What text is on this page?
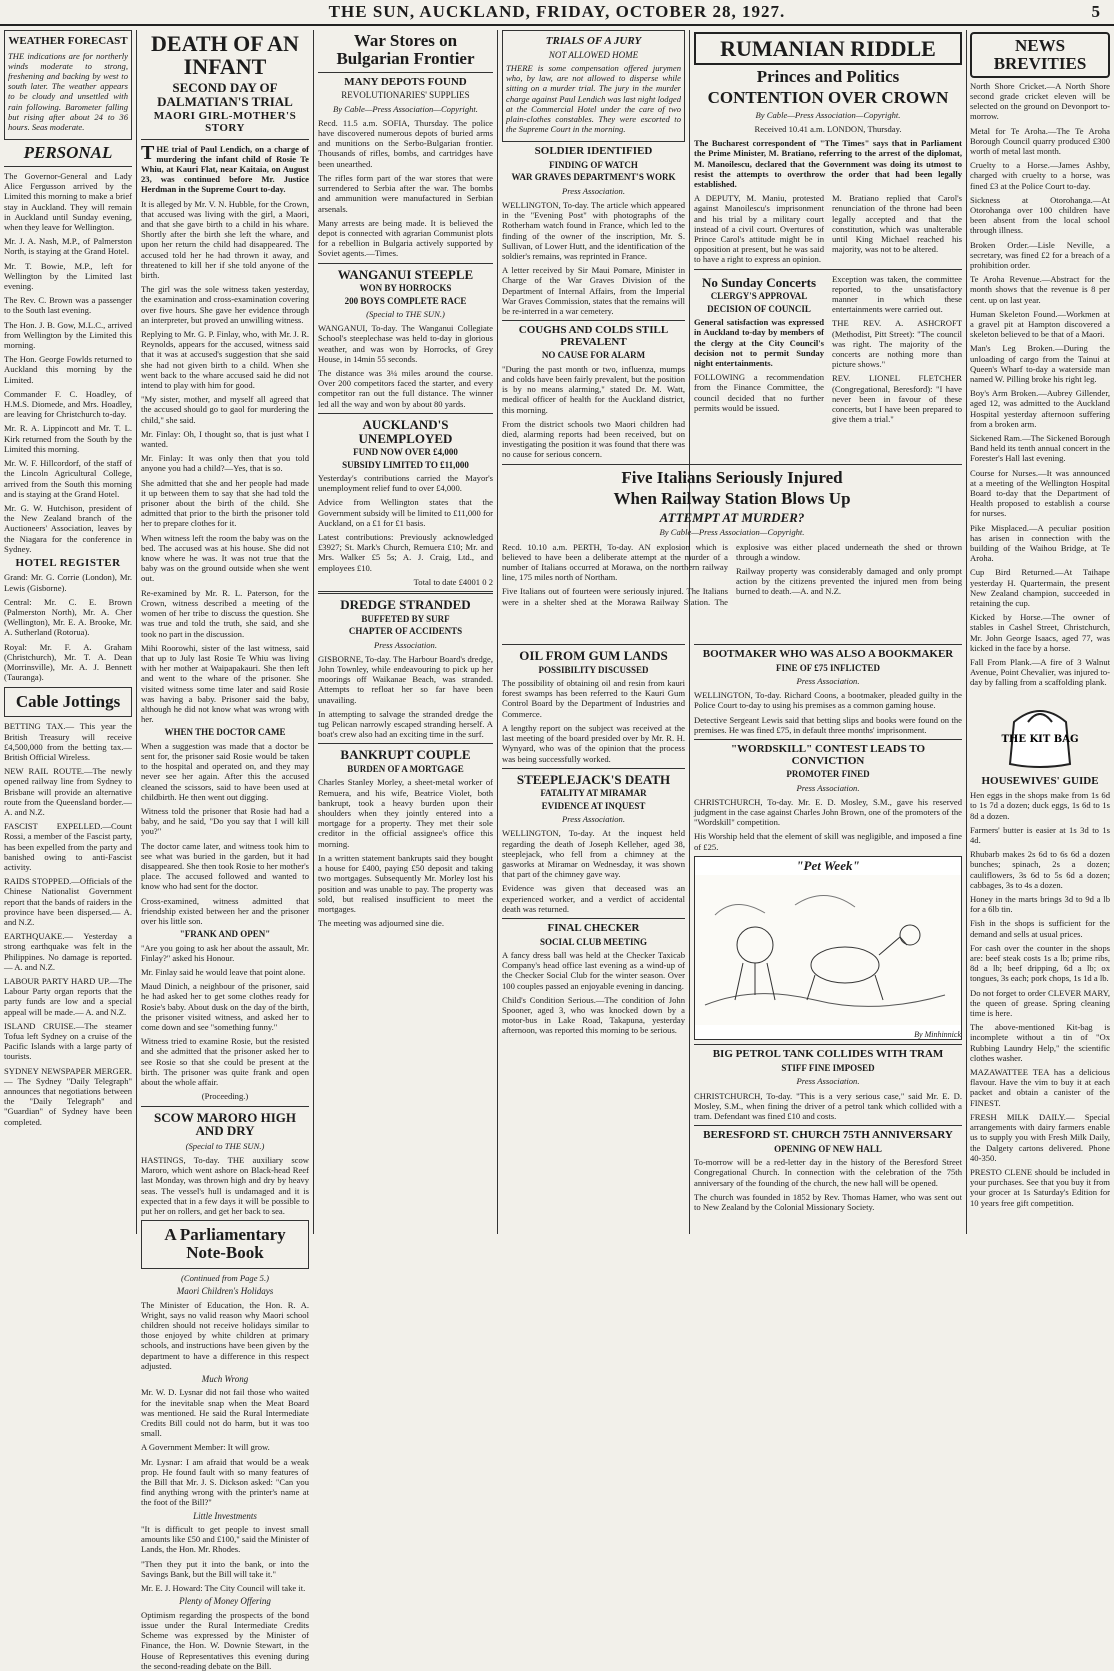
THE SUN, AUCKLAND, FRIDAY, OCTOBER 28, 1927.	5
WEATHER FORECAST

THE indications are for northerly winds moderate to strong, freshening and backing by west to south later. The weather appears to be cloudy and unsettled with rain following. Barometer falling but rising after about 24 to 36 hours. Seas moderate.

PERSONAL

The Governor-General and Lady Alice Fergusson arrived by the Limited this morning to make a brief stay in Auckland. They will remain in Auckland until Sunday evening, when they leave for Wellington.

Mr. J. A. Nash, M.P., of Palmerston North, is staying at the Grand Hotel.

Mr. T. Bowie, M.P., left for Wellington by the Limited last evening.

The Rev. C. Brown was a passenger to the South last evening.

The Hon. J. B. Gow, M.L.C., arrived from Wellington by the Limited this morning.

The Hon. George Fowlds returned to Auckland this morning by the Limited.

Commander F. C. Hoadley, of H.M.S. Diomede, and Mrs. Hoadley, are leaving for Christchurch to-day.

Mr. R. A. Lippincott and Mr. T. L. Kirk returned from the South by the Limited this morning.

Mr. W. F. Hillcordorf, of the staff of the Lincoln Agricultural College, arrived from the South this morning and is staying at the Grand Hotel.

Mr. G. W. Hutchison, president of the New Zealand branch of the Auctioneers' Association, leaves by the Niagara for the conference in Sydney.

HOTEL REGISTER

Grand: Mr. G. Corrie (London), Mr. Lewis (Gisborne).

Central: Mr. C. E. Brown (Palmerston North), Mr. A. Cher (Wellington), Mr. E. A. Brooke, Mr. A. Sutherland (Rotorua).

Royal: Mr. F. A. Graham (Christchurch), Mr. T. A. Dean (Morrinsville), Mr. A. J. Bennett (Tauranga).

Cable Jottings

BETTING TAX.— This year the British Treasury will receive £4,500,000 from the betting tax.— British Official Wireless.

NEW RAIL ROUTE.—The newly opened railway line from Sydney to Brisbane will provide an alternative route from the Queensland border.— A. and N.Z.

FASCIST EXPELLED.—Count Rossi, a member of the Fascist party, has been expelled from the party and banished owing to anti-Fascist activity.

RAIDS STOPPED.—Officials of the Chinese Nationalist Government report that the bands of raiders in the province have been dispersed.— A. and N.Z.

EARTHQUAKE.— Yesterday a strong earthquake was felt in the Philippines. No damage is reported.— A. and N.Z.

LABOUR PARTY HARD UP.—The Labour Party organ reports that the party funds are low and a special appeal will be made.— A. and N.Z.

ISLAND CRUISE.—The steamer Tofua left Sydney on a cruise of the Pacific Islands with a large party of tourists.

SYDNEY NEWSPAPER MERGER.— The Sydney "Daily Telegraph" announces that negotiations between the "Daily Telegraph" and "Guardian" of Sydney have been completed.

DEATH OF AN INFANT
SECOND DAY OF DALMATIAN'S TRIAL
MAORI GIRL-MOTHER'S STORY

THE trial of Paul Lendich, on a charge of murdering the infant child of Rosie Te Whiu, at Kauri Flat, near Kaitaia, on August 23, was continued before Mr. Justice Herdman in the Supreme Court to-day.

It is alleged by Mr. V. N. Hubble, for the Crown, that accused was living with the girl, a Maori, and that she gave birth to a child in his whare. Shortly after the birth she left the whare, and upon her return the child had disappeared. The accused told her he had thrown it away, and threatened to kill her if she told anyone of the birth.

The girl was the sole witness taken yesterday, the examination and cross-examination covering over five hours. She gave her evidence through an interpreter, but proved an unwilling witness.

Replying to Mr. G. P. Finlay, who, with Mr. J. R. Reynolds, appears for the accused, witness said that it was at accused's suggestion that she said she had not given birth to a child. When she went back to the whare accused said he did not intend to play with him for good.

"My sister, mother, and myself all agreed that the accused should go to gaol for murdering the child," she said.

Mr. Finlay: Oh, I thought so, that is just what I wanted.

Mr. Finlay: It was only then that you told anyone you had a child?—Yes, that is so.

She admitted that she and her people had made it up between them to say that she had told the prisoner about the birth of the child. She admitted that prior to the birth the prisoner told her to prepare clothes for it.

When witness left the room the baby was on the bed. The accused was at his house. She did not know where he was. It was not true that the baby was on the ground outside when she went out.

Re-examined by Mr. R. L. Paterson, for the Crown, witness described a meeting of the women of her tribe to discuss the question. She was true and told the truth, she said, and she took no part in the discussion.

Mihi Roorowhi, sister of the last witness, said that up to July last Rosie Te Whiu was living with her mother at Waipapakauri. She then left and went to the whare of the prisoner. She visited witness some time later and said Rosie was having a baby. Prisoner said the baby, although he did not know what was wrong with her.

WHEN THE DOCTOR CAME

When a suggestion was made that a doctor be sent for, the prisoner said Rosie would be taken to the hospital and operated on, and they may never see her again. After this the accused cleaned the scissors, said to have been used at childbirth. He then went out digging.

Witness told the prisoner that Rosie had had a baby, and he said, "Do you say that I will kill you?"

The doctor came later, and witness took him to see what was buried in the garden, but it had disappeared. She then took Rosie to her mother's place. The accused followed and wanted to know who had sent for the doctor.

Cross-examined, witness admitted that friendship existed between her and the prisoner over his little son.

"FRANK AND OPEN"

"Are you going to ask her about the assault, Mr. Finlay?" asked his Honour.

Mr. Finlay said he would leave that point alone.

Maud Dinich, a neighbour of the prisoner, said he had asked her to get some clothes ready for Rosie's baby. About dusk on the day of the birth, the prisoner visited witness, and asked her to come down and see "something funny."

Witness tried to examine Rosie, but the resisted and she admitted that the prisoner asked her to see Rosie so that she could be present at the birth. The prisoner was quite frank and open about the whole affair.

(Proceeding.)

SCOW MARORO HIGH AND DRY

(Special to THE SUN.)

HASTINGS, To-day. THE auxiliary scow Maroro, which went ashore on Black-head Reef last Monday, was thrown high and dry by heavy seas. The vessel's hull is undamaged and it is expected that in a few days it will be possible to put her on rollers, and get her back to sea.

A Parliamentary Note-Book

(Continued from Page 5.)

Maori Children's Holidays

The Minister of Education, the Hon. R. A. Wright, says no valid reason why Maori school children should not receive holidays similar to those enjoyed by white children at primary schools, and instructions have been given by the department to have a difference in this respect adjusted.

Much Wrong

Mr. W. D. Lysnar did not fail those who waited for the inevitable snap when the Meat Board was mentioned. He said the Rural Intermediate Credits Bill could not do harm, but it was too small.

A Government Member: It will grow.

Mr. Lysnar: I am afraid that would be a weak prop. He found fault with so many features of the Bill that Mr. J. S. Dickson asked: "Can you find anything wrong with the printer's name at the foot of the Bill?"

Little Investments

"It is difficult to get people to invest small amounts like £50 and £100," said the Minister of Lands, the Hon. Mr. Rhodes.

"Then they put it into the bank, or into the Savings Bank, but the Bill will take it."

Mr. E. J. Howard: The City Council will take it.

Plenty of Money Offering

Optimism regarding the prospects of the bond issue under the Rural Intermediate Credits Scheme was expressed by the Minister of Finance, the Hon. W. Downie Stewart, in the House of Representatives this evening during the second-reading debate on the Bill.

War Stores on Bulgarian Frontier
MANY DEPOTS FOUND
REVOLUTIONARIES' SUPPLIES

By Cable—Press Association—Copyright.

Recd. 11.5 a.m. SOFIA, Thursday. The police have discovered numerous depots of buried arms and munitions on the Serbo-Bulgarian frontier. Thousands of rifles, bombs, and cartridges have been unearthed.

The rifles form part of the war stores that were surrendered to Serbia after the war. The bombs and ammunition were manufactured in Serbian arsenals.

Many arrests are being made. It is believed the depot is connected with agrarian Communist plots for a rebellion in Bulgaria actively supported by Soviet agents.—Times.

WANGANUI STEEPLE
WON BY HORROCKS
200 BOYS COMPLETE RACE

(Special to THE SUN.)

WANGANUI, To-day. The Wanganui Collegiate School's steeplechase was held to-day in glorious weather, and was won by Horrocks, of Grey House, in 14min 55 seconds.

The distance was 3¼ miles around the course. Over 200 competitors faced the starter, and every competitor ran out the full distance. The winner led all the way and won by about 80 yards.

AUCKLAND'S UNEMPLOYED
FUND NOW OVER £4,000
SUBSIDY LIMITED TO £11,000

Yesterday's contributions carried the Mayor's unemployment relief fund to over £4,000.

Advice from Wellington states that the Government subsidy will be limited to £11,000 for Auckland, on a £1 for £1 basis.

Latest contributions: Previously acknowledged £3927; St. Mark's Church, Remuera £10; Mr. and Mrs. Walker £5 5s; A. J. Craig, Ltd., and employees £10.

Total to date £4001 0 2

DREDGE STRANDED
BUFFETED BY SURF
CHAPTER OF ACCIDENTS

Press Association.

GISBORNE, To-day. The Harbour Board's dredge, John Townley, while endeavouring to pick up her moorings off Waikanae Beach, was stranded. Attempts to refloat her so far have been unavailing.

In attempting to salvage the stranded dredge the tug Pelican narrowly escaped stranding herself. A boat's crew also had an exciting time in the surf.

BANKRUPT COUPLE
BURDEN OF A MORTGAGE

Charles Stanley Morley, a sheet-metal worker of Remuera, and his wife, Beatrice Violet, both bankrupt, took a heavy burden upon their shoulders when they jointly entered into a mortgage for a property. They met their sole creditor in the official assignee's office this morning.

In a written statement bankrupts said they bought a house for £400, paying £50 deposit and taking two mortgages. Subsequently Mr. Morley lost his position and was unable to pay. The property was sold, but realised insufficient to meet the mortgages.

The meeting was adjourned sine die.

TRIALS OF A JURY
NOT ALLOWED HOME

THERE is some compensation offered jurymen who, by law, are not allowed to disperse while sitting on a murder trial. The jury in the murder charge against Paul Lendich was last night lodged at the Commercial Hotel under the care of two plain-clothes constables. They were escorted to the Supreme Court in the morning.

SOLDIER IDENTIFIED
FINDING OF WATCH
WAR GRAVES DEPARTMENT'S WORK

Press Association.

WELLINGTON, To-day. The article which appeared in the "Evening Post" with photographs of the Rotherham watch found in France, which led to the finding of the owner of the inscription, Mr. S. Sullivan, of Lower Hutt, and the identification of the soldier's remains, was reprinted in France.

A letter received by Sir Maui Pomare, Minister in Charge of the War Graves Division of the Department of Internal Affairs, from the Imperial War Graves Commission, states that the remains will be re-interred in a war cemetery.

COUGHS AND COLDS STILL PREVALENT
NO CAUSE FOR ALARM

"During the past month or two, influenza, mumps and colds have been fairly prevalent, but the position is by no means alarming," stated Dr. M. Watt, medical officer of health for the Auckland district, this morning.

From the district schools two Maori children had died, alarming reports had been received, but on investigating the position it was found that there was no cause for serious concern.

Five Italians Seriously Injured
When Railway Station Blows Up
ATTEMPT AT MURDER?

By Cable—Press Association—Copyright.

Recd. 10.10 a.m. PERTH, To-day. AN explosion which is believed to have been a deliberate attempt at the murder of a number of Italians occurred at Morawa, on the northern railway line, 175 miles north of Northam.

Five Italians out of fourteen were seriously injured. The Italians were in a shelter shed at the Morawa Railway Station. The explosive was either placed underneath the shed or thrown through a window.

Railway property was considerably damaged and only prompt action by the citizens prevented the injured men from being burned to death.—A. and N.Z.

OIL FROM GUM LANDS
POSSIBILITY DISCUSSED

The possibility of obtaining oil and resin from kauri forest swamps has been referred to the Kauri Gum Control Board by the Department of Industries and Commerce.

A lengthy report on the subject was received at the last meeting of the board presided over by Mr. R. H. Wynyard, who was of the opinion that the process was being successfully worked.

STEEPLEJACK'S DEATH
FATALITY AT MIRAMAR
EVIDENCE AT INQUEST

Press Association.

WELLINGTON, To-day. At the inquest held regarding the death of Joseph Kelleher, aged 38, steeplejack, who fell from a chimney at the gasworks at Miramar on Wednesday, it was shown that part of the chimney gave way.

Evidence was given that deceased was an experienced worker, and a verdict of accidental death was returned.

FINAL CHECKER
SOCIAL CLUB MEETING

A fancy dress ball was held at the Checker Taxicab Company's head office last evening as a wind-up of the Checker Social Club for the winter season. Over 100 couples passed an enjoyable evening in dancing.

Child's Condition Serious.—The condition of John Spooner, aged 3, who was knocked down by a motor-bus in Lake Road, Takapuna, yesterday afternoon, was reported this morning to be serious.

RUMANIAN RIDDLE
Princes and Politics
CONTENTION OVER CROWN

By Cable—Press Association—Copyright.

Received 10.41 a.m. LONDON, Thursday.

The Bucharest correspondent of "The Times" says that in Parliament the Prime Minister, M. Bratiano, referring to the arrest of the diplomat, M. Manoilescu, declared that the Government was doing its utmost to resist the attempts to overthrow the order that had been legally established.

A DEPUTY, M. Maniu, protested against Manoilescu's imprisonment and his trial by a military court instead of a civil court. Overtures of Prince Carol's attitude might be in opposition at present, but he was said to have a right to express an opinion.

M. Bratiano replied that Carol's renunciation of the throne had been legally accepted and that the constitution, which was unalterable until King Michael reached his majority, was not to be altered.

No Sunday Concerts
CLERGY'S APPROVAL
DECISION OF COUNCIL

General satisfaction was expressed in Auckland to-day by members of the clergy at the City Council's decision not to permit Sunday night entertainments.

FOLLOWING a recommendation from the Finance Committee, the council decided that no further permits would be issued.

Exception was taken, the committee reported, to the unsatisfactory manner in which these entertainments were carried out.

THE REV. A. ASHCROFT (Methodist, Pitt Street): "The council was right. The majority of the concerts are nothing more than picture shows."

REV. LIONEL FLETCHER (Congregational, Beresford): "I have never been in favour of these concerts, but I have been prepared to give them a trial."

BOOTMAKER WHO WAS ALSO A BOOKMAKER
FINE OF £75 INFLICTED

Press Association.

WELLINGTON, To-day. Richard Coons, a bootmaker, pleaded guilty in the Police Court to-day to using his premises as a common gaming house.

Detective Sergeant Lewis said that betting slips and books were found on the premises. He was fined £75, in default three months' imprisonment.

"WORDSKILL" CONTEST LEADS TO CONVICTION
PROMOTER FINED

Press Association.

CHRISTCHURCH, To-day. Mr. E. D. Mosley, S.M., gave his reserved judgment in the case against Charles John Brown, one of the promoters of the "Wordskill" competition.

His Worship held that the element of skill was negligible, and imposed a fine of £25.

"Pet Week"
By Minhinnick
BIG PETROL TANK COLLIDES WITH TRAM
STIFF FINE IMPOSED

Press Association.

CHRISTCHURCH, To-day. "This is a very serious case," said Mr. E. D. Mosley, S.M., when fining the driver of a petrol tank which collided with a tram. Defendant was fined £10 and costs.

BERESFORD ST. CHURCH 75TH ANNIVERSARY
OPENING OF NEW HALL

To-morrow will be a red-letter day in the history of the Beresford Street Congregational Church. In connection with the celebration of the 75th anniversary of the founding of the church, the new hall will be opened.

The church was founded in 1852 by Rev. Thomas Hamer, who was sent out to New Zealand by the Colonial Missionary Society.

NEWS BREVITIES

North Shore Cricket.—A North Shore second grade cricket eleven will be selected on the ground on Devonport to-morrow.

Metal for Te Aroha.—The Te Aroha Borough Council quarry produced £300 worth of metal last month.

Cruelty to a Horse.—James Ashby, charged with cruelty to a horse, was fined £3 at the Police Court to-day.

Sickness at Otorohanga.—At Otorohanga over 100 children have been absent from the local school through illness.

Broken Order.—Lisle Neville, a secretary, was fined £2 for a breach of a prohibition order.

Te Aroha Revenue.—Abstract for the month shows that the revenue is 8 per cent. up on last year.

Human Skeleton Found.—Workmen at a gravel pit at Hampton discovered a skeleton believed to be that of a Maori.

Man's Leg Broken.—During the unloading of cargo from the Tainui at Queen's Wharf to-day a waterside man named W. Pilling broke his right leg.

Boy's Arm Broken.—Aubrey Gillender, aged 12, was admitted to the Auckland Hospital yesterday afternoon suffering from a broken arm.

Sickened Ram.—The Sickened Borough Band held its tenth annual concert in the Forester's Hall last evening.

Course for Nurses.—It was announced at a meeting of the Wellington Hospital Board to-day that the Department of Health proposed to establish a course for nurses.

Pike Misplaced.—A peculiar position has arisen in connection with the building of the Waihou Bridge, at Te Aroha.

Cup Bird Returned.—At Taihape yesterday H. Quartermain, the present New Zealand champion, succeeded in retaining the cup.

Kicked by Horse.—The owner of stables in Cashel Street, Christchurch, Mr. John George Isaacs, aged 77, was kicked in the face by a horse.

Fall From Plank.—A fire of 3 Walnut Avenue, Point Chevalier, was injured to-day by falling from a scaffolding plank.

THE KIT BAG
HOUSEWIVES' GUIDE

Hen eggs in the shops make from 1s 6d to 1s 7d a dozen; duck eggs, 1s 6d to 1s 8d a dozen.

Farmers' butter is easier at 1s 3d to 1s 4d.

Rhubarb makes 2s 6d to 6s 6d a dozen bunches; spinach, 2s a dozen; cauliflowers, 3s 6d to 5s 6d a dozen; cabbages, 3s to 4s a dozen.

Honey in the marts brings 3d to 9d a lb for a 6lb tin.

Fish in the shops is sufficient for the demand and sells at usual prices.

For cash over the counter in the shops are: beef steak costs 1s a lb; prime ribs, 8d a lb; beef dripping, 6d a lb; ox tongues, 3s each; pork chops, 1s 1d a lb.

Do not forget to order CLEVER MARY, the queen of grease. Spring cleaning time is here.

The above-mentioned Kit-bag is incomplete without a tin of "Ox Rubbing Laundry Help," the scientific clothes washer.

MAZAWATTEE TEA has a delicious flavour. Have the vim to buy it at each packet and obtain a canister of the FINEST.

FRESH MILK DAILY.— Special arrangements with dairy farmers enable us to supply you with Fresh Milk Daily, the Dalgety cartons delivered. Phone 40-350.

PRESTO CLENE should be included in your purchases. See that you buy it from your grocer at 1s Saturday's Edition for 10 years free gift competition.
